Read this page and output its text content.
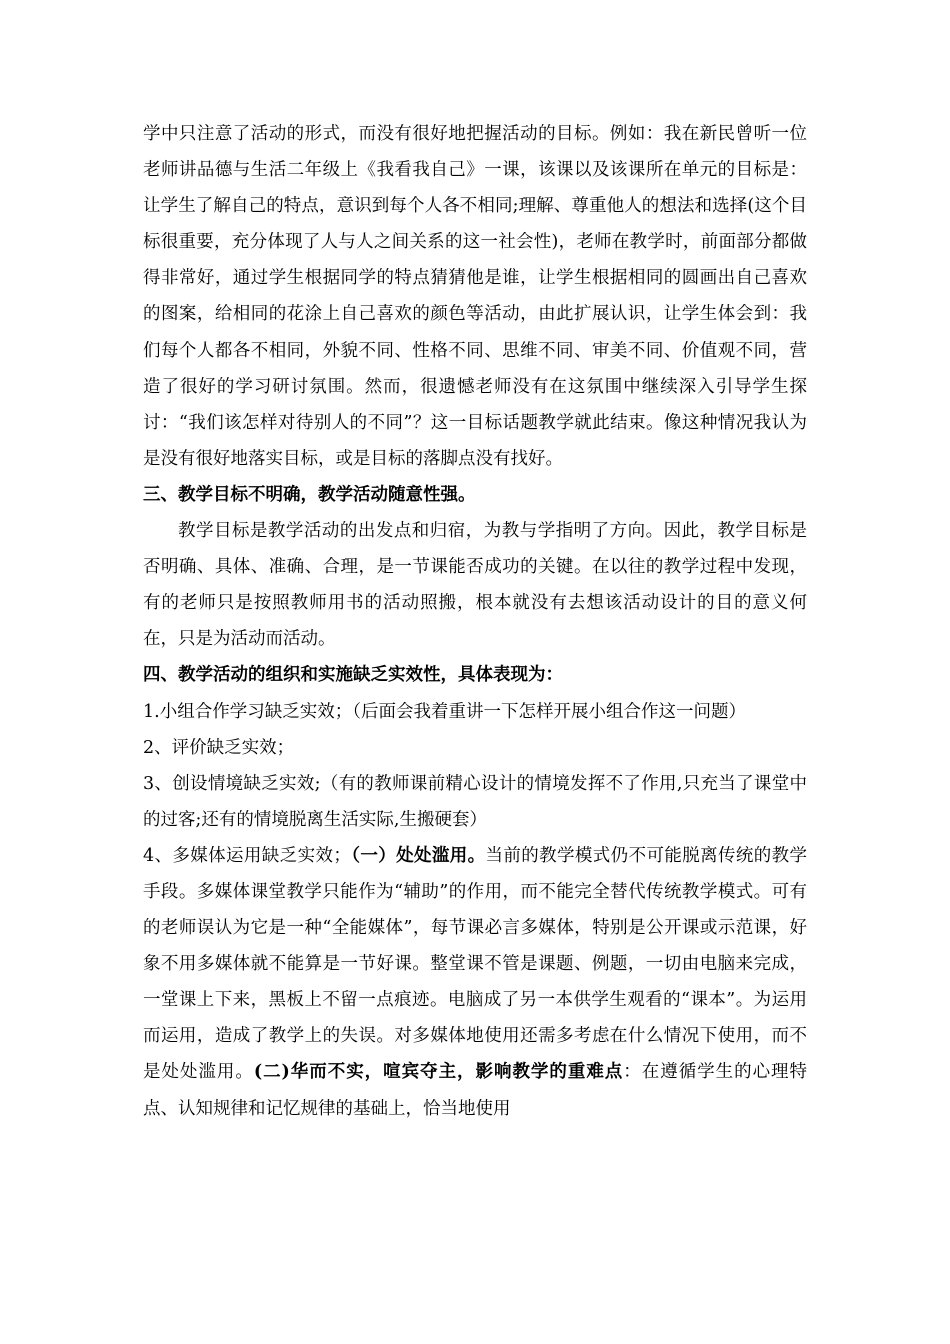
学中只注意了活动的形式，而没有很好地把握活动的目标。例如：我在新民曾听一位老师讲品德与生活二年级上《我看我自己》一课，该课以及该课所在单元的目标是：让学生了解自己的特点，意识到每个人各不相同;理解、尊重他人的想法和选择(这个目标很重要，充分体现了人与人之间关系的这一社会性)，老师在教学时，前面部分都做得非常好，通过学生根据同学的特点猜猜他是谁，让学生根据相同的圆画出自己喜欢的图案，给相同的花涂上自己喜欢的颜色等活动，由此扩展认识，让学生体会到：我们每个人都各不相同，外貌不同、性格不同、思维不同、审美不同、价值观不同，营造了很好的学习研讨氛围。然而，很遗憾老师没有在这氛围中继续深入引导学生探讨：“我们该怎样对待别人的不同”？这一目标话题教学就此结束。像这种情况我认为是没有很好地落实目标，或是目标的落脚点没有找好。

三、教学目标不明确，教学活动随意性强。

教学目标是教学活动的出发点和归宿，为教与学指明了方向。因此，教学目标是否明确、具体、准确、合理，是一节课能否成功的关键。在以往的教学过程中发现，有的老师只是按照教师用书的活动照搬，根本就没有去想该活动设计的目的意义何在，只是为活动而活动。

四、教学活动的组织和实施缺乏实效性，具体表现为：

1.小组合作学习缺乏实效；（后面会我着重讲一下怎样开展小组合作这一问题）

2、评价缺乏实效；

3、创设情境缺乏实效;（有的教师课前精心设计的情境发挥不了作用,只充当了课堂中的过客;还有的情境脱离生活实际,生搬硬套）

4、多媒体运用缺乏实效；（一）处处滥用。当前的教学模式仍不可能脱离传统的教学手段。多媒体课堂教学只能作为“辅助”的作用，而不能完全替代传统教学模式。可有的老师误认为它是一种“全能媒体”，每节课必言多媒体，特别是公开课或示范课，好象不用多媒体就不能算是一节好课。整堂课不管是课题、例题，一切由电脑来完成，一堂课上下来，黑板上不留一点痕迹。电脑成了另一本供学生观看的“课本”。为运用而运用，造成了教学上的失误。对多媒体地使用还需多考虑在什么情况下使用，而不是处处滥用。(二)华而不实，喧宾夺主，影响教学的重难点：在遵循学生的心理特点、认知规律和记忆规律的基础上，恰当地使用
